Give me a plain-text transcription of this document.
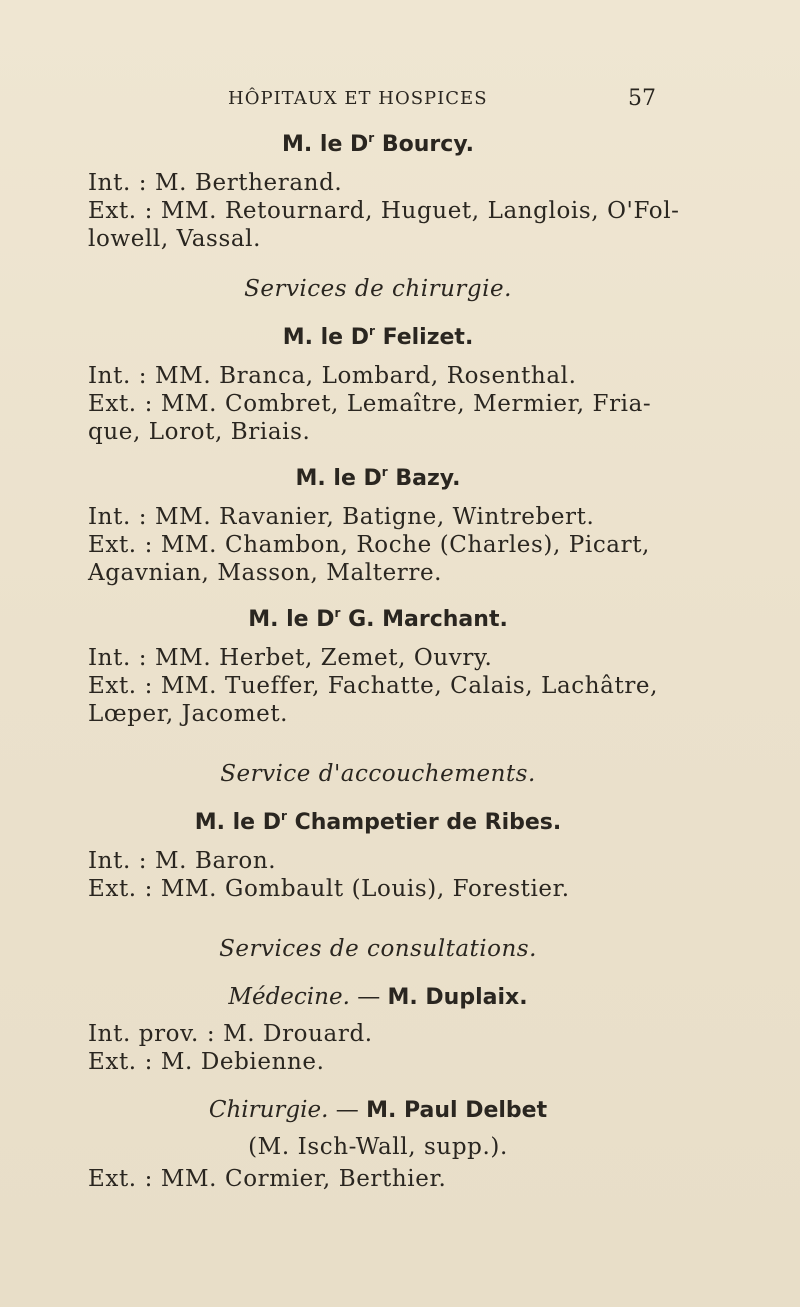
HÔPITAUX ET HOSPICES	57
M. le $D^r$ Bourcy.
Int. : M. Bertherand.
Ext. : MM. Retournard, Huguet, Langlois, O'Fol-
lowell, Vassal.
Services de chirurgie.
M. le $D^r$ Felizet.
Int. : MM. Branca, Lombard, Rosenthal.
Ext. : MM. Combret, Lemaître, Mermier, Fria-
que, Lorot, Briais.
M. le $D^r$ Bazy.
Int. : MM. Ravanier, Batigne, Wintrebert.
Ext. : MM. Chambon, Roche (Charles), Picart,
Agavnian, Masson, Malterre.
M. le $D^r$ G. Marchant.
Int. : MM. Herbet, Zemet, Ouvry.
Ext. : MM. Tueffer, Fachatte, Calais, Lachâtre,
Lœper, Jacomet.
Service d'accouchements.
M. le $D^r$ Champetier de Ribes.
Int. : M. Baron.
Ext. : MM. Gombault (Louis), Forestier.
Services de consultations.
Médecine. — M. Duplaix.
Int. prov. : M. Drouard.
Ext. : M. Debienne.
Chirurgie. — M. Paul Delbet
(M. Isch-Wall, supp.).
Ext. : MM. Cormier, Berthier.
